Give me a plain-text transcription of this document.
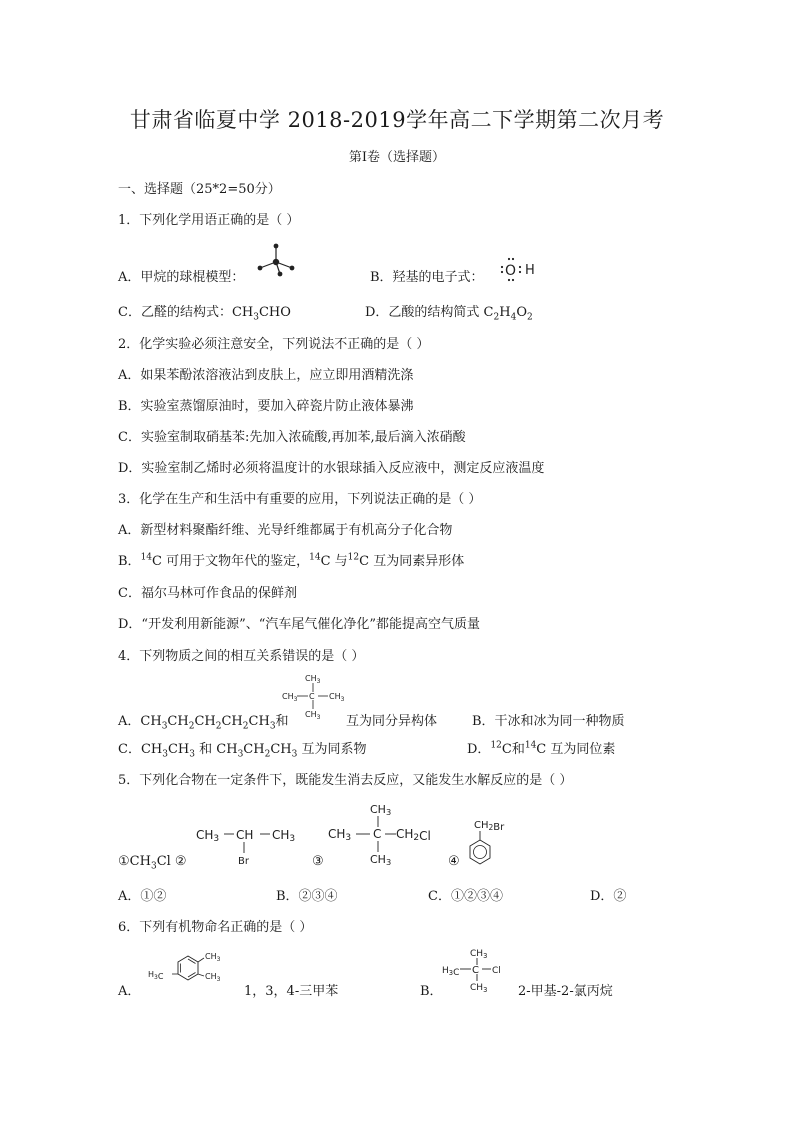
甘肃省临夏中学 2018-2019学年高二下学期第二次月考
第Ⅰ卷（选择题）
一、选择题（25*2=50分）
1．下列化学用语正确的是（ ）
A．甲烷的球棍模型：	B．羟基的电子式： O H
C．乙醛的结构式：$CH_3CHO$	D．乙酸的结构简式 $C_2H_4O_2$
2．化学实验必须注意安全，下列说法不正确的是（ ）
A．如果苯酚浓溶液沾到皮肤上，应立即用酒精洗涤
B．实验室蒸馏原油时，要加入碎瓷片防止液体暴沸
C．实验室制取硝基苯:先加入浓硫酸,再加苯,最后滴入浓硝酸
D．实验室制乙烯时必须将温度计的水银球插入反应液中，测定反应液温度
3．化学在生产和生活中有重要的应用，下列说法正确的是（ ）
A．新型材料聚酯纤维、光导纤维都属于有机高分子化合物
B．$^{14}$C 可用于文物年代的鉴定，$^{14}$C 与$^{12}$C 互为同素异形体
C．福尔马林可作食品的保鲜剂
D．“开发利用新能源”、“汽车尾气催化净化”都能提高空气质量
4．下列物质之间的相互关系错误的是（ ）
$CH_3$
$CH_3$ C $CH_3$
$CH_3$
A．$CH_3CH_2CH_2CH_2CH_3$和	互为同分异构体	B．干冰和冰为同一种物质
C．$CH_3CH_3$ 和 $CH_3CH_2CH_3$ 互为同系物	D．$^{12}$C和$^{14}$C 互为同位素
5．下列化合物在一定条件下，既能发生消去反应，又能发生水解反应的是（ ）
CH3 CH CH3
Br
CH3
CH3 C CH2Cl
CH3
$CH_2Br$
$①CH_3Cl$ ②	③	④
A．①②	B．②③④	C．①②③④	D．②
6．下列有机物命名正确的是（ ）
$CH_3$
$CH_3$
$H_3C$
A．	1，3，4-三甲苯
$CH_3$
$H_3C$ C Cl
$CH_3$
B．	2-甲基-2-氯丙烷
